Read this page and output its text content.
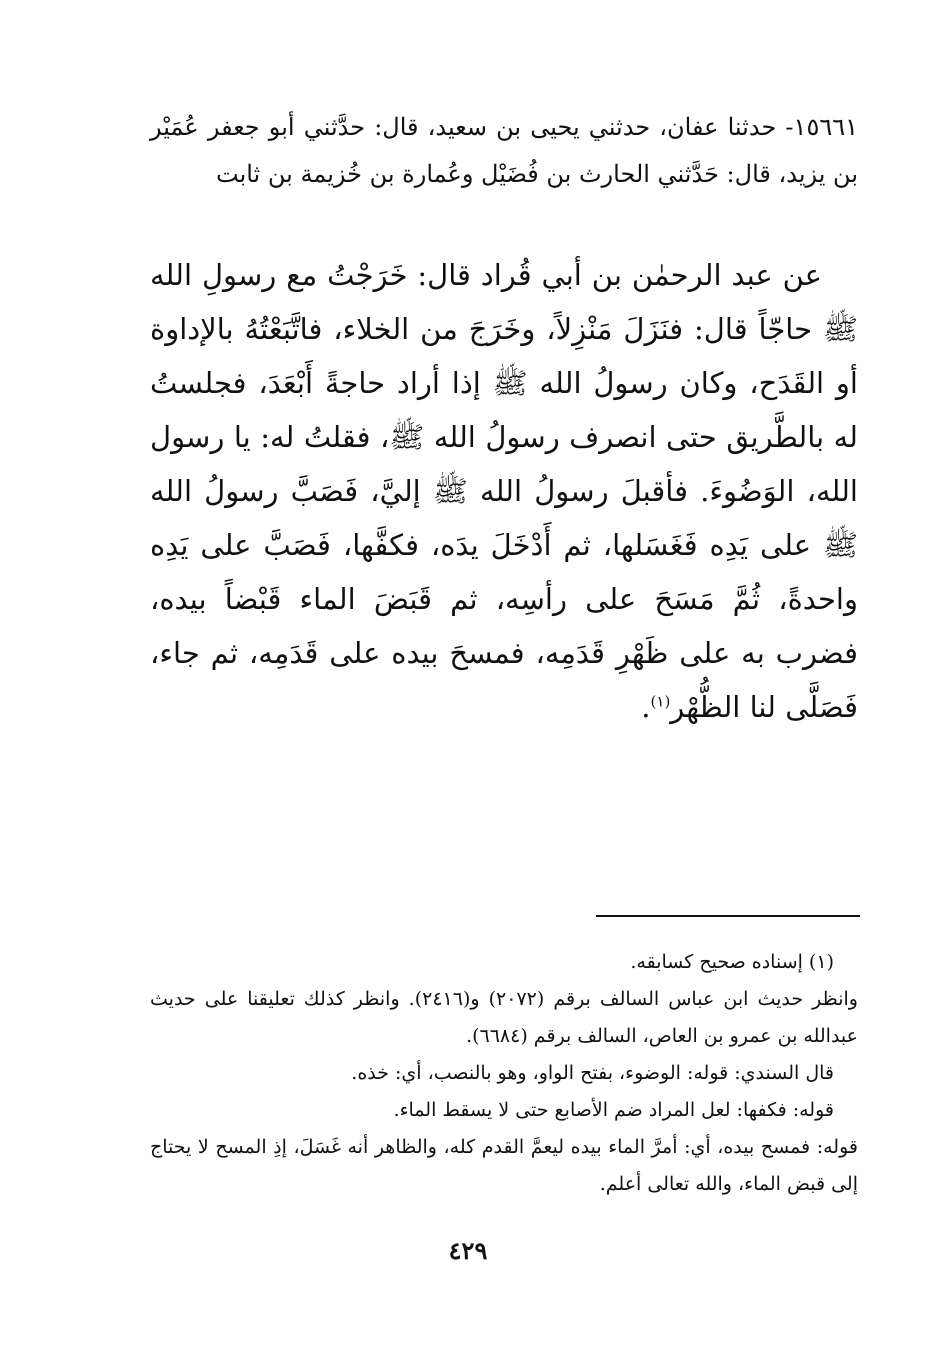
١٥٦٦١- حدثنا عفان، حدثني يحيى بن سعيد، قال: حدَّثني أبو جعفر عُمَيْر بن يزيد، قال: حَدَّثني الحارث بن فُضَيْل وعُمارة بن خُزيمة بن ثابت

عن عبد الرحمٰن بن أبي قُراد قال: خَرَجْتُ مع رسولِ الله ﷺ حاجّاً قال: فنَزَلَ مَنْزِلاً، وخَرَجَ من الخلاء، فاتَّبَعْتُهُ بالإداوة أو القَدَح، وكان رسولُ الله ﷺ إذا أراد حاجةً أَبْعَدَ، فجلستُ له بالطَّريق حتى انصرف رسولُ الله ﷺ، فقلتُ له: يا رسول الله، الوَضُوءَ. فأقبلَ رسولُ الله ﷺ إليَّ، فَصَبَّ رسولُ الله ﷺ على يَدِه فَغَسَلها، ثم أَدْخَلَ يدَه، فكفَّها، فَصَبَّ على يَدِه واحدةً، ثُمَّ مَسَحَ على رأسِه، ثم قَبَضَ الماء قَبْضاً بيده، فضرب به على ظَهْرِ قَدَمِه، فمسحَ بيده على قَدَمِه، ثم جاء، فَصَلَّى لنا الظُّهْر$^{(١)}$.

(١) إسناده صحيح كسابقه.

وانظر حديث ابن عباس السالف برقم (٢٠٧٢) و(٢٤١٦). وانظر كذلك تعليقنا على حديث عبدالله بن عمرو بن العاص، السالف برقم (٦٦٨٤).

قال السندي: قوله: الوضوء، بفتح الواو، وهو بالنصب، أي: خذه.

قوله: فكفها: لعل المراد ضم الأصابع حتى لا يسقط الماء.

قوله: فمسح بيده، أي: أمرَّ الماء بيده ليعمَّ القدم كله، والظاهر أنه غَسَلَ، إذِ المسح لا يحتاج إلى قبض الماء، والله تعالى أعلم.

٤٢٩
